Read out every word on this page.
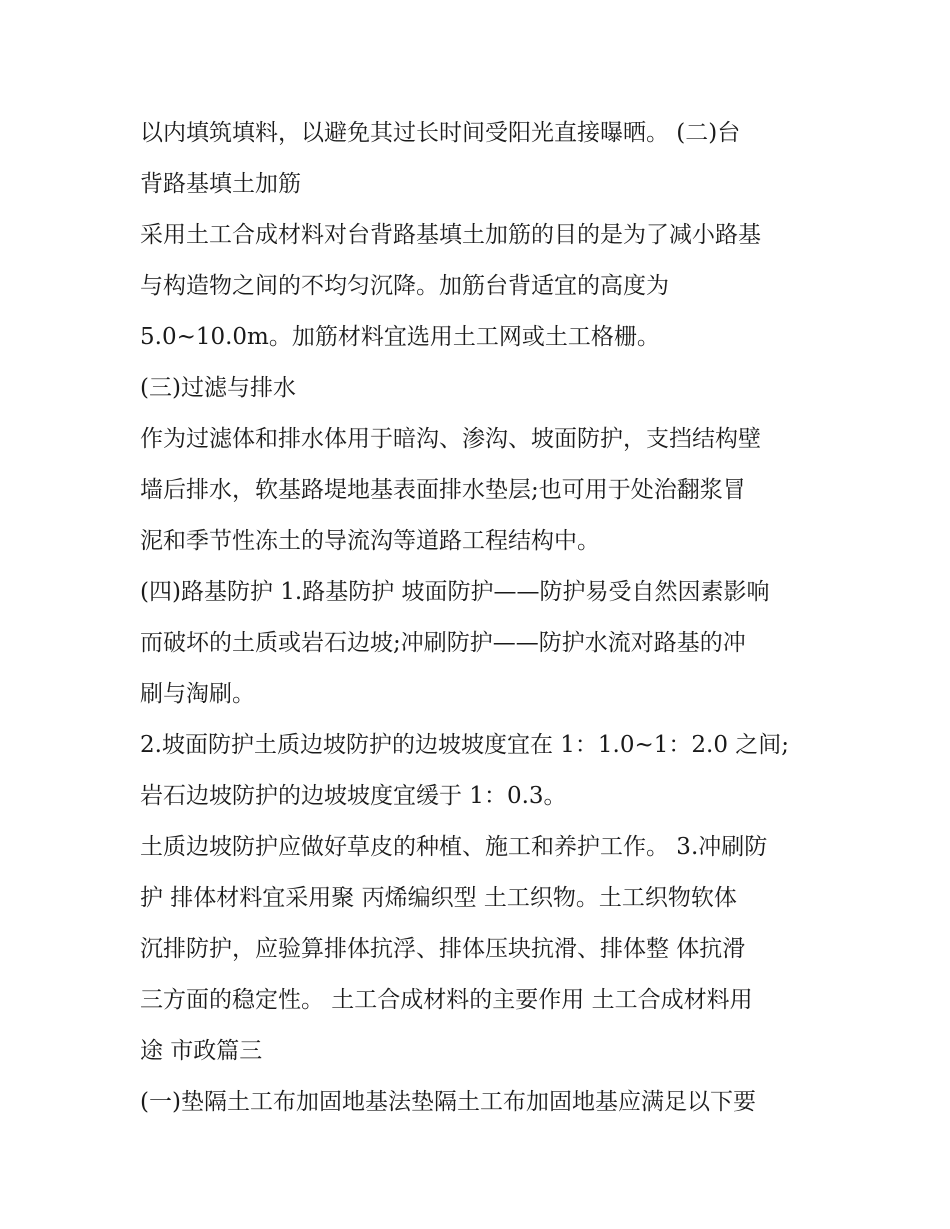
以内填筑填料，以避免其过长时间受阳光直接曝晒。 (二)台
背路基填土加筋
采用土工合成材料对台背路基填土加筋的目的是为了减小路基
与构造物之间的不均匀沉降。加筋台背适宜的高度为
5.0~10.0m。加筋材料宜选用土工网或土工格栅。
(三)过滤与排水
作为过滤体和排水体用于暗沟、渗沟、坡面防护，支挡结构壁
墙后排水，软基路堤地基表面排水垫层;也可用于处治翻浆冒
泥和季节性冻土的导流沟等道路工程结构中。
(四)路基防护 1.路基防护 坡面防护——防护易受自然因素影响
而破坏的土质或岩石边坡;冲刷防护——防护水流对路基的冲
刷与淘刷。
2.坡面防护土质边坡防护的边坡坡度宜在 1：1.0~1：2.0 之间;
岩石边坡防护的边坡坡度宜缓于 1：0.3。
土质边坡防护应做好草皮的种植、施工和养护工作。 3.冲刷防
护 排体材料宜采用聚 丙烯编织型 土工织物。土工织物软体
沉排防护，应验算排体抗浮、排体压块抗滑、排体整 体抗滑
三方面的稳定性。 土工合成材料的主要作用 土工合成材料用
途 市政篇三
(一)垫隔土工布加固地基法垫隔土工布加固地基应满足以下要
